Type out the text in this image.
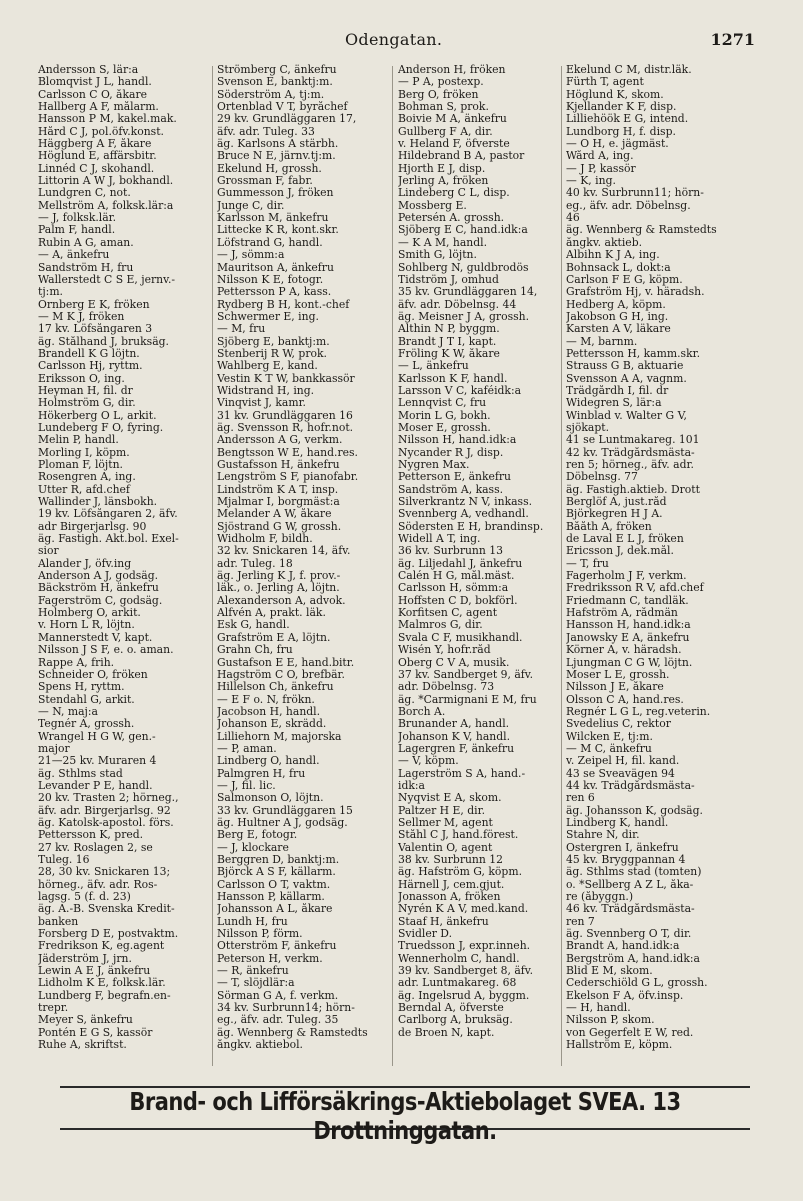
Odengatan.	1271
Andersson S, lär:a
Blomqvist J L, handl.
Carlsson C O, åkare
Hallberg A F, målarm.
Hansson P M, kakel.mak.
Hård C J, pol.öfv.konst.
Häggberg A F, åkare
Höglund E, affärsbitr.
Linnéd C J, skohandl.
Littorin A W J, bokhandl.
Lundgren C, not.
Mellström A, folksk.lär:a
— J, folksk.lär.
Palm F, handl.
Rubin A G, aman.
— A, änkefru
Sandström H, fru
Wallerstedt C S E, jernv.-
tj:m.
Örnberg E K, fröken
— M K J, fröken
17 kv. Löfsångaren 3
äg. Stålhand J, bruksäg.
Brandell K G löjtn.
Carlsson Hj, ryttm.
Eriksson O, ing.
Heyman H, fil. dr
Holmström G, dir.
Hökerberg O L, arkit.
Lundeberg F O, fyring.
Melin P, handl.
Morling I, köpm.
Ploman F, löjtn.
Rosengren A, ing.
Utter R, afd.chef
Wallinder J, länsbokh.
19 kv. Löfsångaren 2, äfv.
adr Birgerjarlsg. 90
äg. Fastigh. Akt.bol. Exel-
sior
Alander J, öfv.ing
Anderson A J, godsäg.
Bäckström H, änkefru
Fagerström C, godsäg.
Holmberg O, arkit.
v. Horn L R, löjtn.
Mannerstedt V, kapt.
Nilsson J S F, e. o. aman.
Rappe A, frih.
Schneider O, fröken
Spens H, ryttm.
Stendahl G, arkit.
— N, maj:a
Tegnér A, grossh.
Wrangel H G W, gen.-
major
21—25 kv. Muraren 4
äg. Sthlms stad
Levander P E, handl.
20 kv. Trasten 2; hörneg.,
äfv. adr. Birgerjarlsg. 92
äg. Katolsk-apostol. förs.
Pettersson K, pred.
27 kv. Roslagen 2, se
Tuleg. 16
28, 30 kv. Snickaren 13;
hörneg., äfv. adr. Ros-
lagsg. 5 (f. d. 23)
äg. A.-B. Svenska Kredit-
banken
Forsberg D E, postvaktm.
Fredrikson K, eg.agent
Jäderström J, jrn.
Lewin A E J, änkefru
Lidholm K E, folksk.lär.
Lundberg F, begrafn.en-
trepr.
Meyer S, änkefru
Pontén E G S, kassör
Ruhe A, skriftst.
Strömberg C, änkefru
Svenson E, banktj:m.
Söderström A, tj:m.
Örtenblad V T, byråchef
29 kv. Grundläggaren 17,
äfv. adr. Tuleg. 33
äg. Karlsons A stärbh.
Bruce N E, järnv.tj:m.
Ekelund H, grossh.
Grossman F, fabr.
Gummesson J, fröken
Junge C, dir.
Karlsson M, änkefru
Littecke K R, kont.skr.
Löfstrand G, handl.
— J, sömm:a
Mauritson A, änkefru
Nilsson K E, fotogr.
Pettersson P A, kass.
Rydberg B H, kont.-chef
Schwermer E, ing.
— M, fru
Sjöberg E, banktj:m.
Stenberij R W, prok.
Wahlberg E, kand.
Vestin K T W, bankkassör
Widstrand H, ing.
Vinqvist J, kamr.
31 kv. Grundläggaren 16
äg. Svensson R, hofr.not.
Andersson A G, verkm.
Bengtsson W E, hand.res.
Gustafsson H, änkefru
Lengström S F, pianofabr.
Lindström K A T, insp.
Mjalmar I, borgmäst:a
Melander A W, åkare
Sjöstrand G W, grossh.
Widholm F, bildh.
32 kv. Snickaren 14, äfv.
adr. Tuleg. 18
äg. Jerling K J, f. prov.-
läk., o. Jerling A, löjtn.
Alexanderson A, advok.
Alfvén A, prakt. läk.
Esk G, handl.
Grafström E A, löjtn.
Grahn Ch, fru
Gustafson E E, hand.bitr.
Hagström C O, brefbär.
Hillelson Ch, änkefru
— E F o. N, frökn.
Jacobson H, handl.
Johanson E, skrädd.
Lilliehorn M, majorska
— P, aman.
Lindberg O, handl.
Palmgren H, fru
— J, fil. lic.
Salmonson O, löjtn.
33 kv. Grundläggaren 15
äg. Hultner A J, godsäg.
Berg E, fotogr.
— J, klockare
Berggren D, banktj:m.
Björck A S F, källarm.
Carlsson O T, vaktm.
Hansson P, källarm.
Johansson A L, åkare
Lundh H, fru
Nilsson P, förm.
Otterström F, änkefru
Peterson H, verkm.
— R, änkefru
— T, slöjdlär:a
Sörman G A, f. verkm.
34 kv. Surbrunn14; hörn-
eg., äfv. adr. Tuleg. 35
äg. Wennberg & Ramstedts
ångkv. aktiebol.
Anderson H, fröken
— P A, postexp.
Berg O, fröken
Bohman S, prok.
Boivie M A, änkefru
Gullberg F A, dir.
v. Heland F, öfverste
Hildebrand B A, pastor
Hjorth E J, disp.
Jerling A, fröken
Lindeberg C L, disp.
Mossberg E.
Petersén A. grossh.
Sjöberg E C, hand.idk:a
— K A M, handl.
Smith G, löjtn.
Sohlberg N, guldbrodös
Tidström J, omhud
35 kv. Grundläggaren 14,
äfv. adr. Döbelnsg. 44
äg. Meisner J A, grossh.
Althin N P, byggm.
Brandt J T I, kapt.
Fröling K W, åkare
— L, änkefru
Karlsson K F, handl.
Larsson V C, kaféidk:a
Lennqvist C, fru
Morin L G, bokh.
Moser E, grossh.
Nilsson H, hand.idk:a
Nycander R J, disp.
Nygren Max.
Petterson E, änkefru
Sandström A, kass.
Silverkrantz N V, inkass.
Svennberg A, vedhandl.
Södersten E H, brandinsp.
Widell A T, ing.
36 kv. Surbrunn 13
äg. Liljedahl J, änkefru
Calén H G, mål.mäst.
Carlsson H, sömm:a
Hoffsten C D, bokförl.
Korfitsen C, agent
Malmros G, dir.
Svala C F, musikhandl.
Wisén Y, hofr.råd
Öberg C V A, musik.
37 kv. Sandberget 9, äfv.
adr. Döbelnsg. 73
äg. *Carmignani E M, fru
Borch A.
Brunander A, handl.
Johanson K V, handl.
Lagergren F, änkefru
— V, köpm.
Lagerström S A, hand.-
idk:a
Nyqvist E A, skom.
Paltzer H E, dir.
Sellmer M, agent
Ståhl C J, hand.förest.
Valentin O, agent
38 kv. Surbrunn 12
äg. Hafström G, köpm.
Härnell J, cem.gjut.
Jonasson A, fröken
Nyrén K A V, med.kand.
Staaf H, änkefru
Svidler D.
Truedsson J, expr.inneh.
Wennerholm C, handl.
39 kv. Sandberget 8, äfv.
adr. Luntmakareg. 68
äg. Ingelsrud A, byggm.
Berndal A, öfverste
Carlborg A, bruksäg.
de Broen N, kapt.
Ekelund C M, distr.läk.
Fürth T, agent
Höglund K, skom.
Kjellander K F, disp.
Lilliehöök E G, intend.
Lundborg H, f. disp.
— O H, e. jägmäst.
Wård A, ing.
— J P, kassör
— K, ing.
40 kv. Surbrunn11; hörn-
eg., äfv. adr. Döbelnsg.
46
äg. Wennberg & Ramstedts
ångkv. aktieb.
Albihn K J A, ing.
Bohnsack L, dokt:a
Carlson F E G, köpm.
Grafström Hj, v. häradsh.
Hedberg A, köpm.
Jakobson G H, ing.
Karsten A V, läkare
— M, barnm.
Pettersson H, kamm.skr.
Strauss G B, aktuarie
Svensson A A, vagnm.
Trädgårdh I, fil. dr
Widegren S, lär:a
Winblad v. Walter G V,
sjökapt.
41 se Luntmakareg. 101
42 kv. Trädgårdsmästa-
ren 5; hörneg., äfv. adr.
Döbelnsg. 77
äg. Fastigh.aktieb. Drott
Berglöf A, just.råd
Björkegren H J A.
Bååth A, fröken
de Laval E L J, fröken
Ericsson J, dek.mål.
— T, fru
Fagerholm J F, verkm.
Fredriksson R V, afd.chef
Friedmann C, tandläk.
Hafström A, rådmän
Hansson H, hand.idk:a
Janowsky E A, änkefru
Körner A, v. häradsh.
Ljungman C G W, löjtn.
Moser L E, grossh.
Nilsson J E, åkare
Olsson C A, hand.res.
Regnér L G L, reg.veterin.
Svedelius C, rektor
Wilcken E, tj:m.
— M C, änkefru
v. Zeipel H, fil. kand.
43 se Sveavägen 94
44 kv. Trädgårdsmästa-
ren 6
äg. Johansson K, godsäg.
Lindberg K, handl.
Stahre N, dir.
Östergren I, änkefru
45 kv. Bryggpannan 4
äg. Sthlms stad (tomten)
o. *Sellberg A Z L, åka-
re (åbyggn.)
46 kv. Trädgårdsmästa-
ren 7
äg. Svennberg O T, dir.
Brandt A, hand.idk:a
Bergström A, hand.idk:a
Blid E M, skom.
Cederschiöld G L, grossh.
Ekelson F A, öfv.insp.
— H, handl.
Nilsson P, skom.
von Gegerfelt E W, red.
Hallström E, köpm.
Brand- och Lifförsäkrings-Aktiebolaget SVEA. 13 Drottninggatan.
